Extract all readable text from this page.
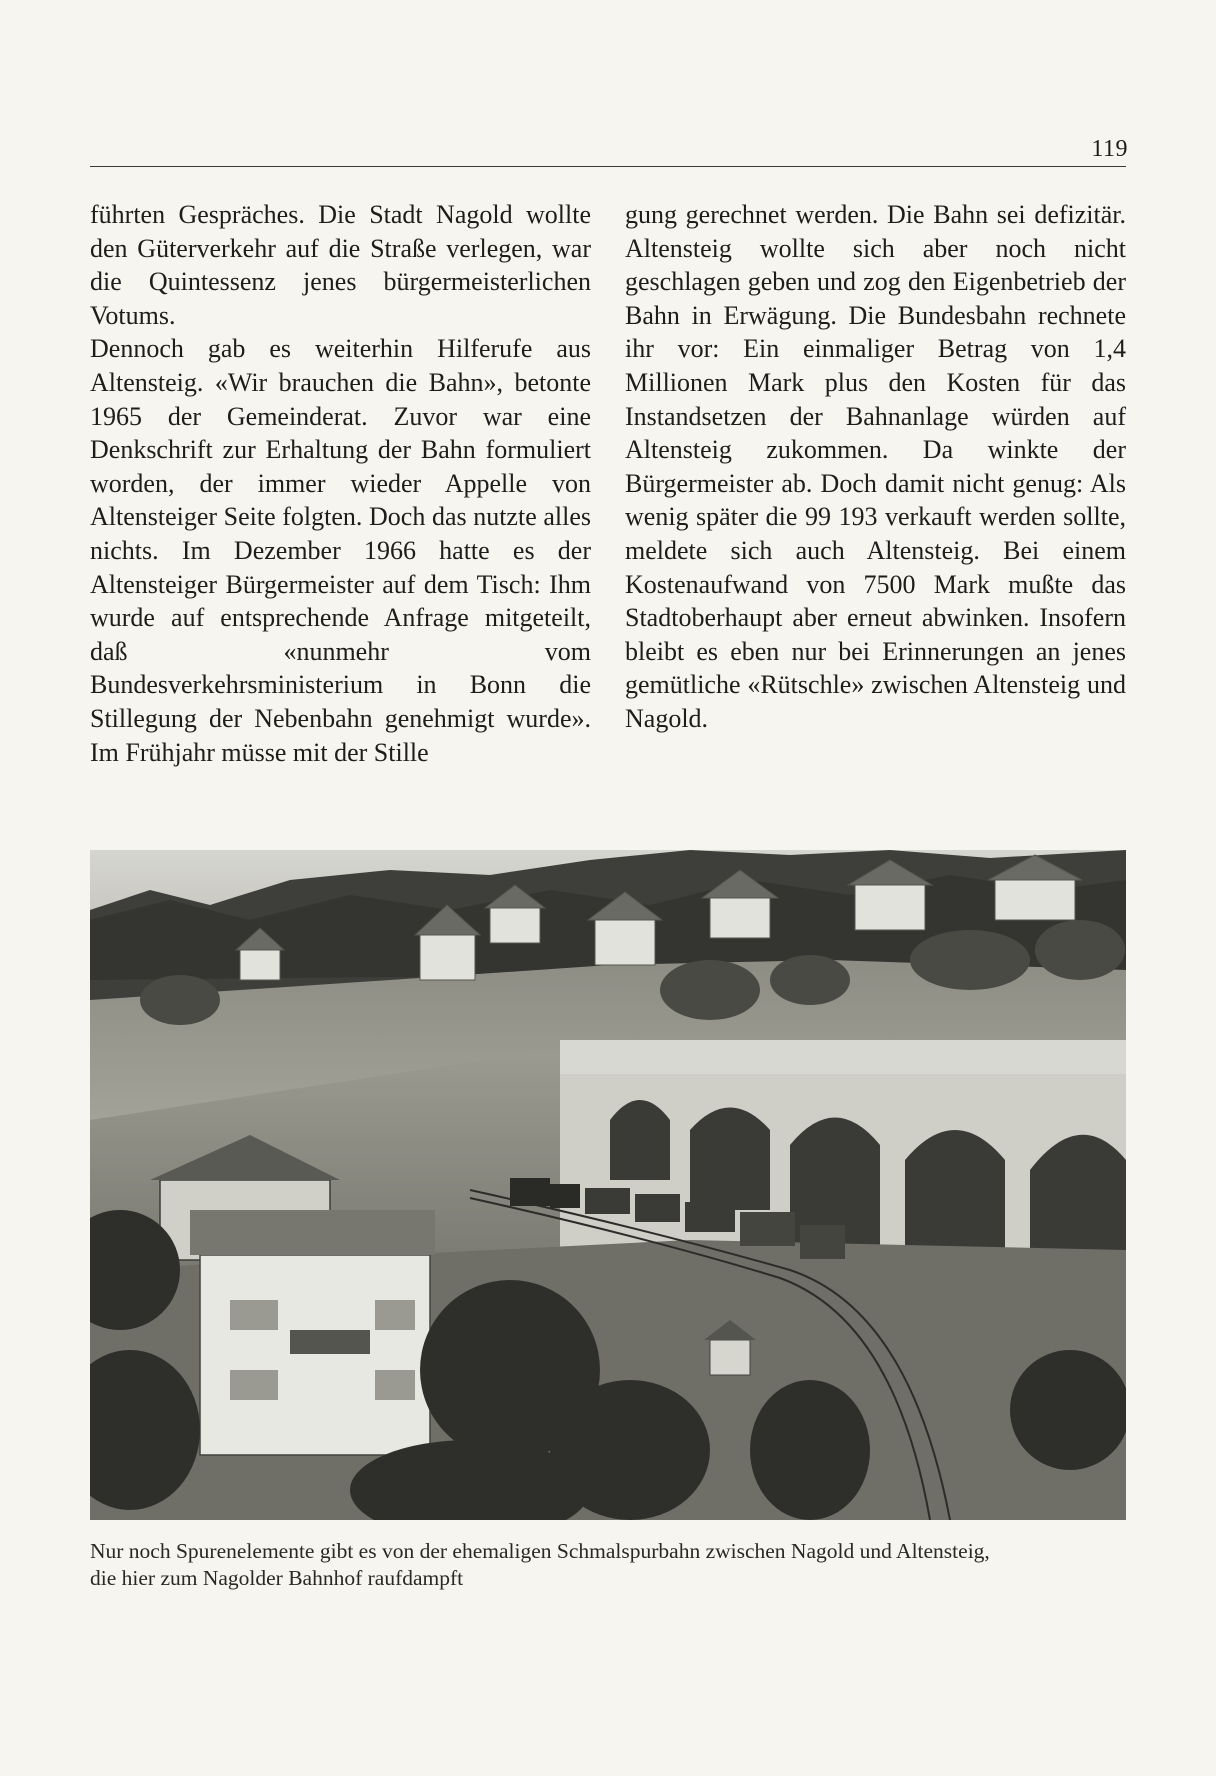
119

führten Gespräches. Die Stadt Nagold wollte den Güterverkehr auf die Straße verlegen, war die Quintessenz jenes bürgermeisterlichen Votums.

Dennoch gab es weiterhin Hilferufe aus Altensteig. «Wir brauchen die Bahn», betonte 1965 der Gemeinderat. Zuvor war eine Denkschrift zur Erhaltung der Bahn formuliert worden, der immer wieder Appelle von Altensteiger Seite folgten. Doch das nutzte alles nichts. Im Dezember 1966 hatte es der Altensteiger Bürgermeister auf dem Tisch: Ihm wurde auf entsprechende Anfrage mitgeteilt, daß «nunmehr vom Bundesverkehrsministerium in Bonn die Stillegung der Nebenbahn genehmigt wurde». Im Frühjahr müsse mit der Stille

gung gerechnet werden. Die Bahn sei defizitär. Altensteig wollte sich aber noch nicht geschlagen geben und zog den Eigenbetrieb der Bahn in Erwägung. Die Bundesbahn rechnete ihr vor: Ein einmaliger Betrag von 1,4 Millionen Mark plus den Kosten für das Instandsetzen der Bahnanlage würden auf Altensteig zukommen. Da winkte der Bürgermeister ab. Doch damit nicht genug: Als wenig später die 99 193 verkauft werden sollte, meldete sich auch Altensteig. Bei einem Kostenaufwand von 7500 Mark mußte das Stadtoberhaupt aber erneut abwinken. Insofern bleibt es eben nur bei Erinnerungen an jenes gemütliche «Rütschle» zwischen Altensteig und Nagold.

Nur noch Spurenelemente gibt es von der ehemaligen Schmalspurbahn zwischen Nagold und Altensteig,
die hier zum Nagolder Bahnhof raufdampft
